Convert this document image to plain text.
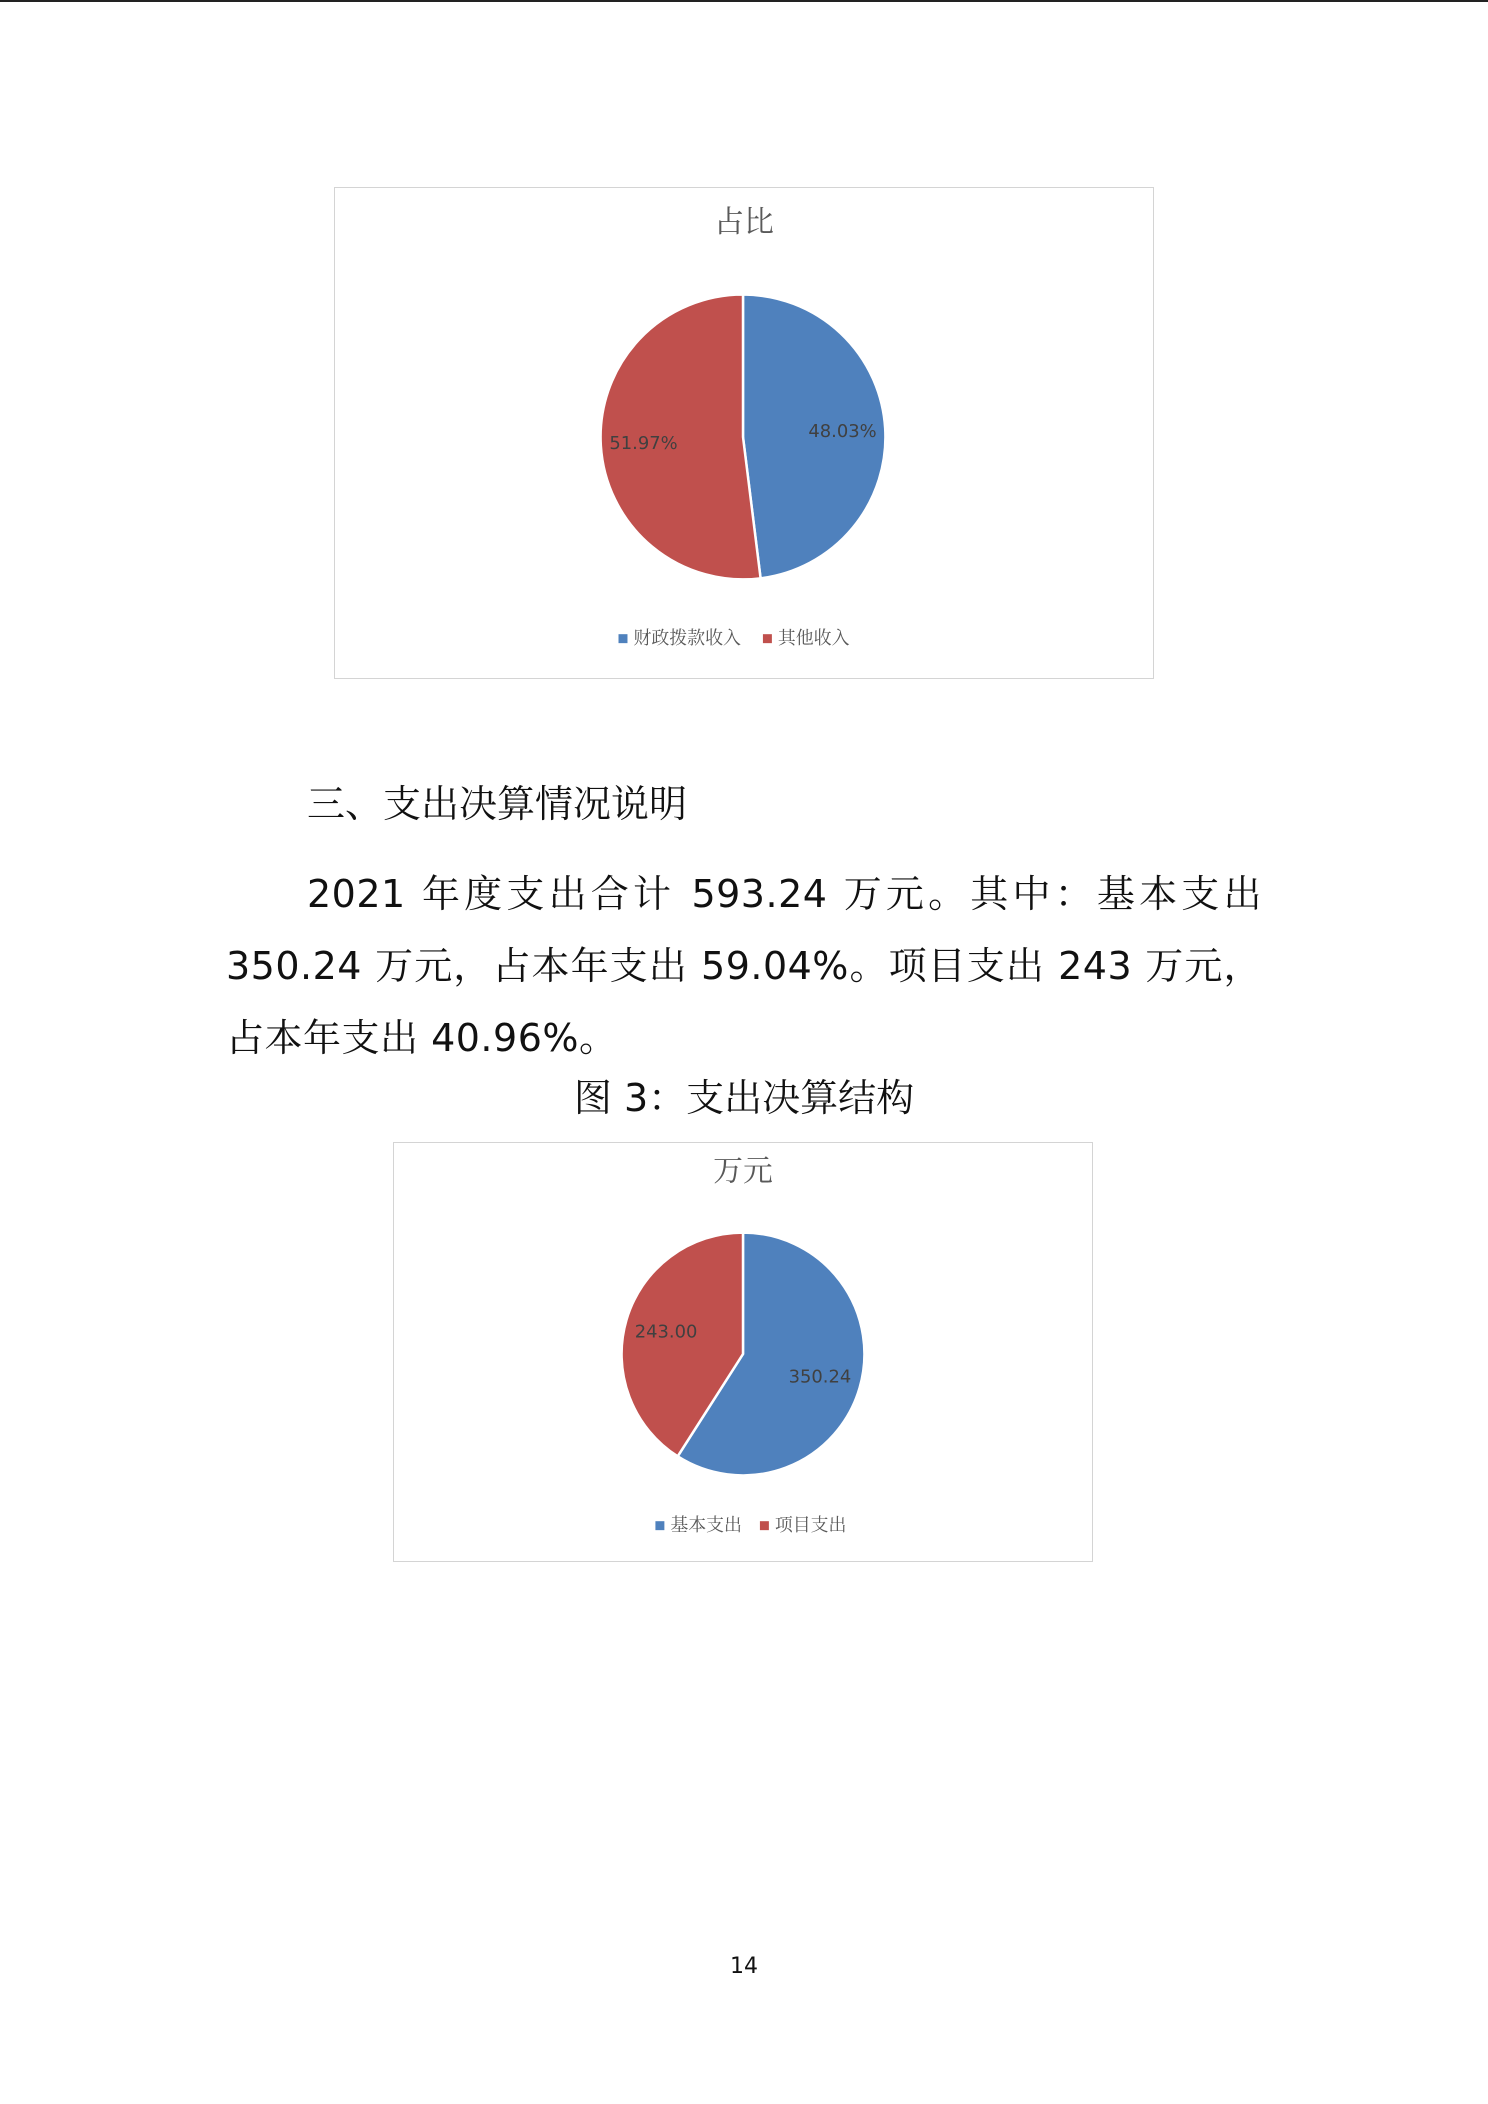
占比
48.03%
51.97%
财政拨款收入 其他收入
三、支出决算情况说明
2021 年度支出合计 593.24 万元。其中：基本支出 350.24 万元，占本年支出 59.04%。项目支出 243 万元，占本年支出 40.96%。
图 3：支出决算结构
万元
350.24
243.00
基本支出 项目支出
14
